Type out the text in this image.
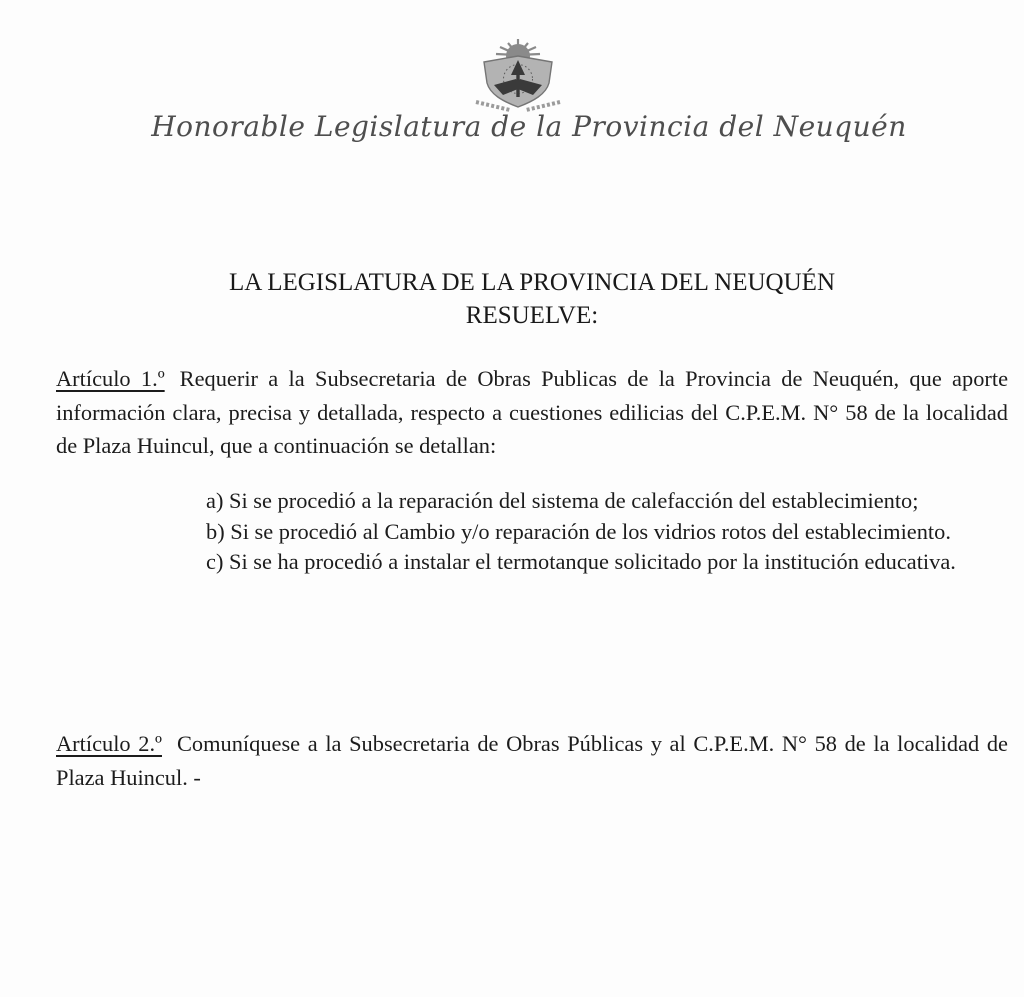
Honorable Legislatura de la Provincia del Neuquén
LA LEGISLATURA DE LA PROVINCIA DEL NEUQUÉN
RESUELVE:

Artículo 1.º Requerir a la Subsecretaria de Obras Publicas de la Provincia de Neuquén, que aporte información clara, precisa y detallada, respecto a cuestiones edilicias del C.P.E.M. N° 58 de la localidad de Plaza Huincul, que a continuación se detallan:

a) Si se procedió a la reparación del sistema de calefacción del establecimiento;

b) Si se procedió al Cambio y/o reparación de los vidrios rotos del establecimiento.

c) Si se ha procedió a instalar el termotanque solicitado por la institución educativa.

Artículo 2.º Comuníquese a la Subsecretaria de Obras Públicas y al C.P.E.M. N° 58 de la localidad de Plaza Huincul. -
